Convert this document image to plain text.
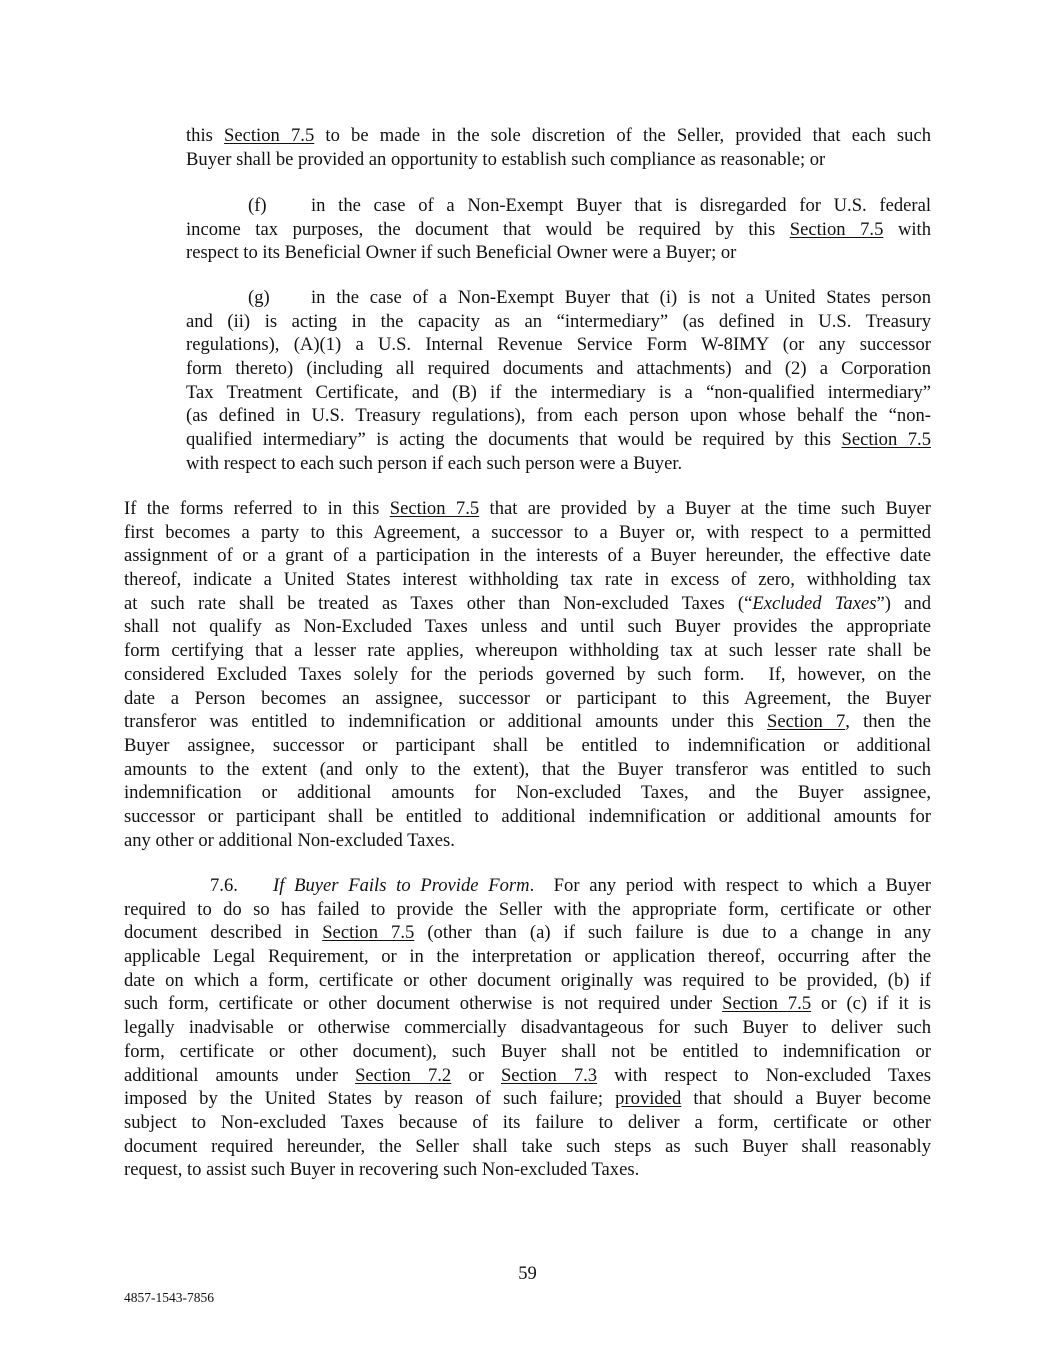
this Section 7.5 to be made in the sole discretion of the Seller, provided that each such
Buyer shall be provided an opportunity to establish such compliance as reasonable; or
(f) in the case of a Non-Exempt Buyer that is disregarded for U.S. federal
income tax purposes, the document that would be required by this Section 7.5 with
respect to its Beneficial Owner if such Beneficial Owner were a Buyer; or
(g) in the case of a Non-Exempt Buyer that (i) is not a United States person
and (ii) is acting in the capacity as an “intermediary” (as defined in U.S. Treasury
regulations), (A)(1) a U.S. Internal Revenue Service Form W-8IMY (or any successor
form thereto) (including all required documents and attachments) and (2) a Corporation
Tax Treatment Certificate, and (B) if the intermediary is a “non-qualified intermediary”
(as defined in U.S. Treasury regulations), from each person upon whose behalf the “non-
qualified intermediary” is acting the documents that would be required by this Section 7.5
with respect to each such person if each such person were a Buyer.
If the forms referred to in this Section 7.5 that are provided by a Buyer at the time such Buyer
first becomes a party to this Agreement, a successor to a Buyer or, with respect to a permitted
assignment of or a grant of a participation in the interests of a Buyer hereunder, the effective date
thereof, indicate a United States interest withholding tax rate in excess of zero, withholding tax
at such rate shall be treated as Taxes other than Non-excluded Taxes (“Excluded Taxes”) and
shall not qualify as Non-Excluded Taxes unless and until such Buyer provides the appropriate
form certifying that a lesser rate applies, whereupon withholding tax at such lesser rate shall be
considered Excluded Taxes solely for the periods governed by such form.  If, however, on the
date a Person becomes an assignee, successor or participant to this Agreement, the Buyer
transferor was entitled to indemnification or additional amounts under this Section 7, then the
Buyer assignee, successor or participant shall be entitled to indemnification or additional
amounts to the extent (and only to the extent), that the Buyer transferor was entitled to such
indemnification or additional amounts for Non-excluded Taxes, and the Buyer assignee,
successor or participant shall be entitled to additional indemnification or additional amounts for
any other or additional Non-excluded Taxes.
7.6. If Buyer Fails to Provide Form.  For any period with respect to which a Buyer
required to do so has failed to provide the Seller with the appropriate form, certificate or other
document described in Section 7.5 (other than (a) if such failure is due to a change in any
applicable Legal Requirement, or in the interpretation or application thereof, occurring after the
date on which a form, certificate or other document originally was required to be provided, (b) if
such form, certificate or other document otherwise is not required under Section 7.5 or (c) if it is
legally inadvisable or otherwise commercially disadvantageous for such Buyer to deliver such
form, certificate or other document), such Buyer shall not be entitled to indemnification or
additional amounts under Section 7.2 or Section 7.3 with respect to Non-excluded Taxes
imposed by the United States by reason of such failure; provided that should a Buyer become
subject to Non-excluded Taxes because of its failure to deliver a form, certificate or other
document required hereunder, the Seller shall take such steps as such Buyer shall reasonably
request, to assist such Buyer in recovering such Non-excluded Taxes.
59
4857-1543-7856
